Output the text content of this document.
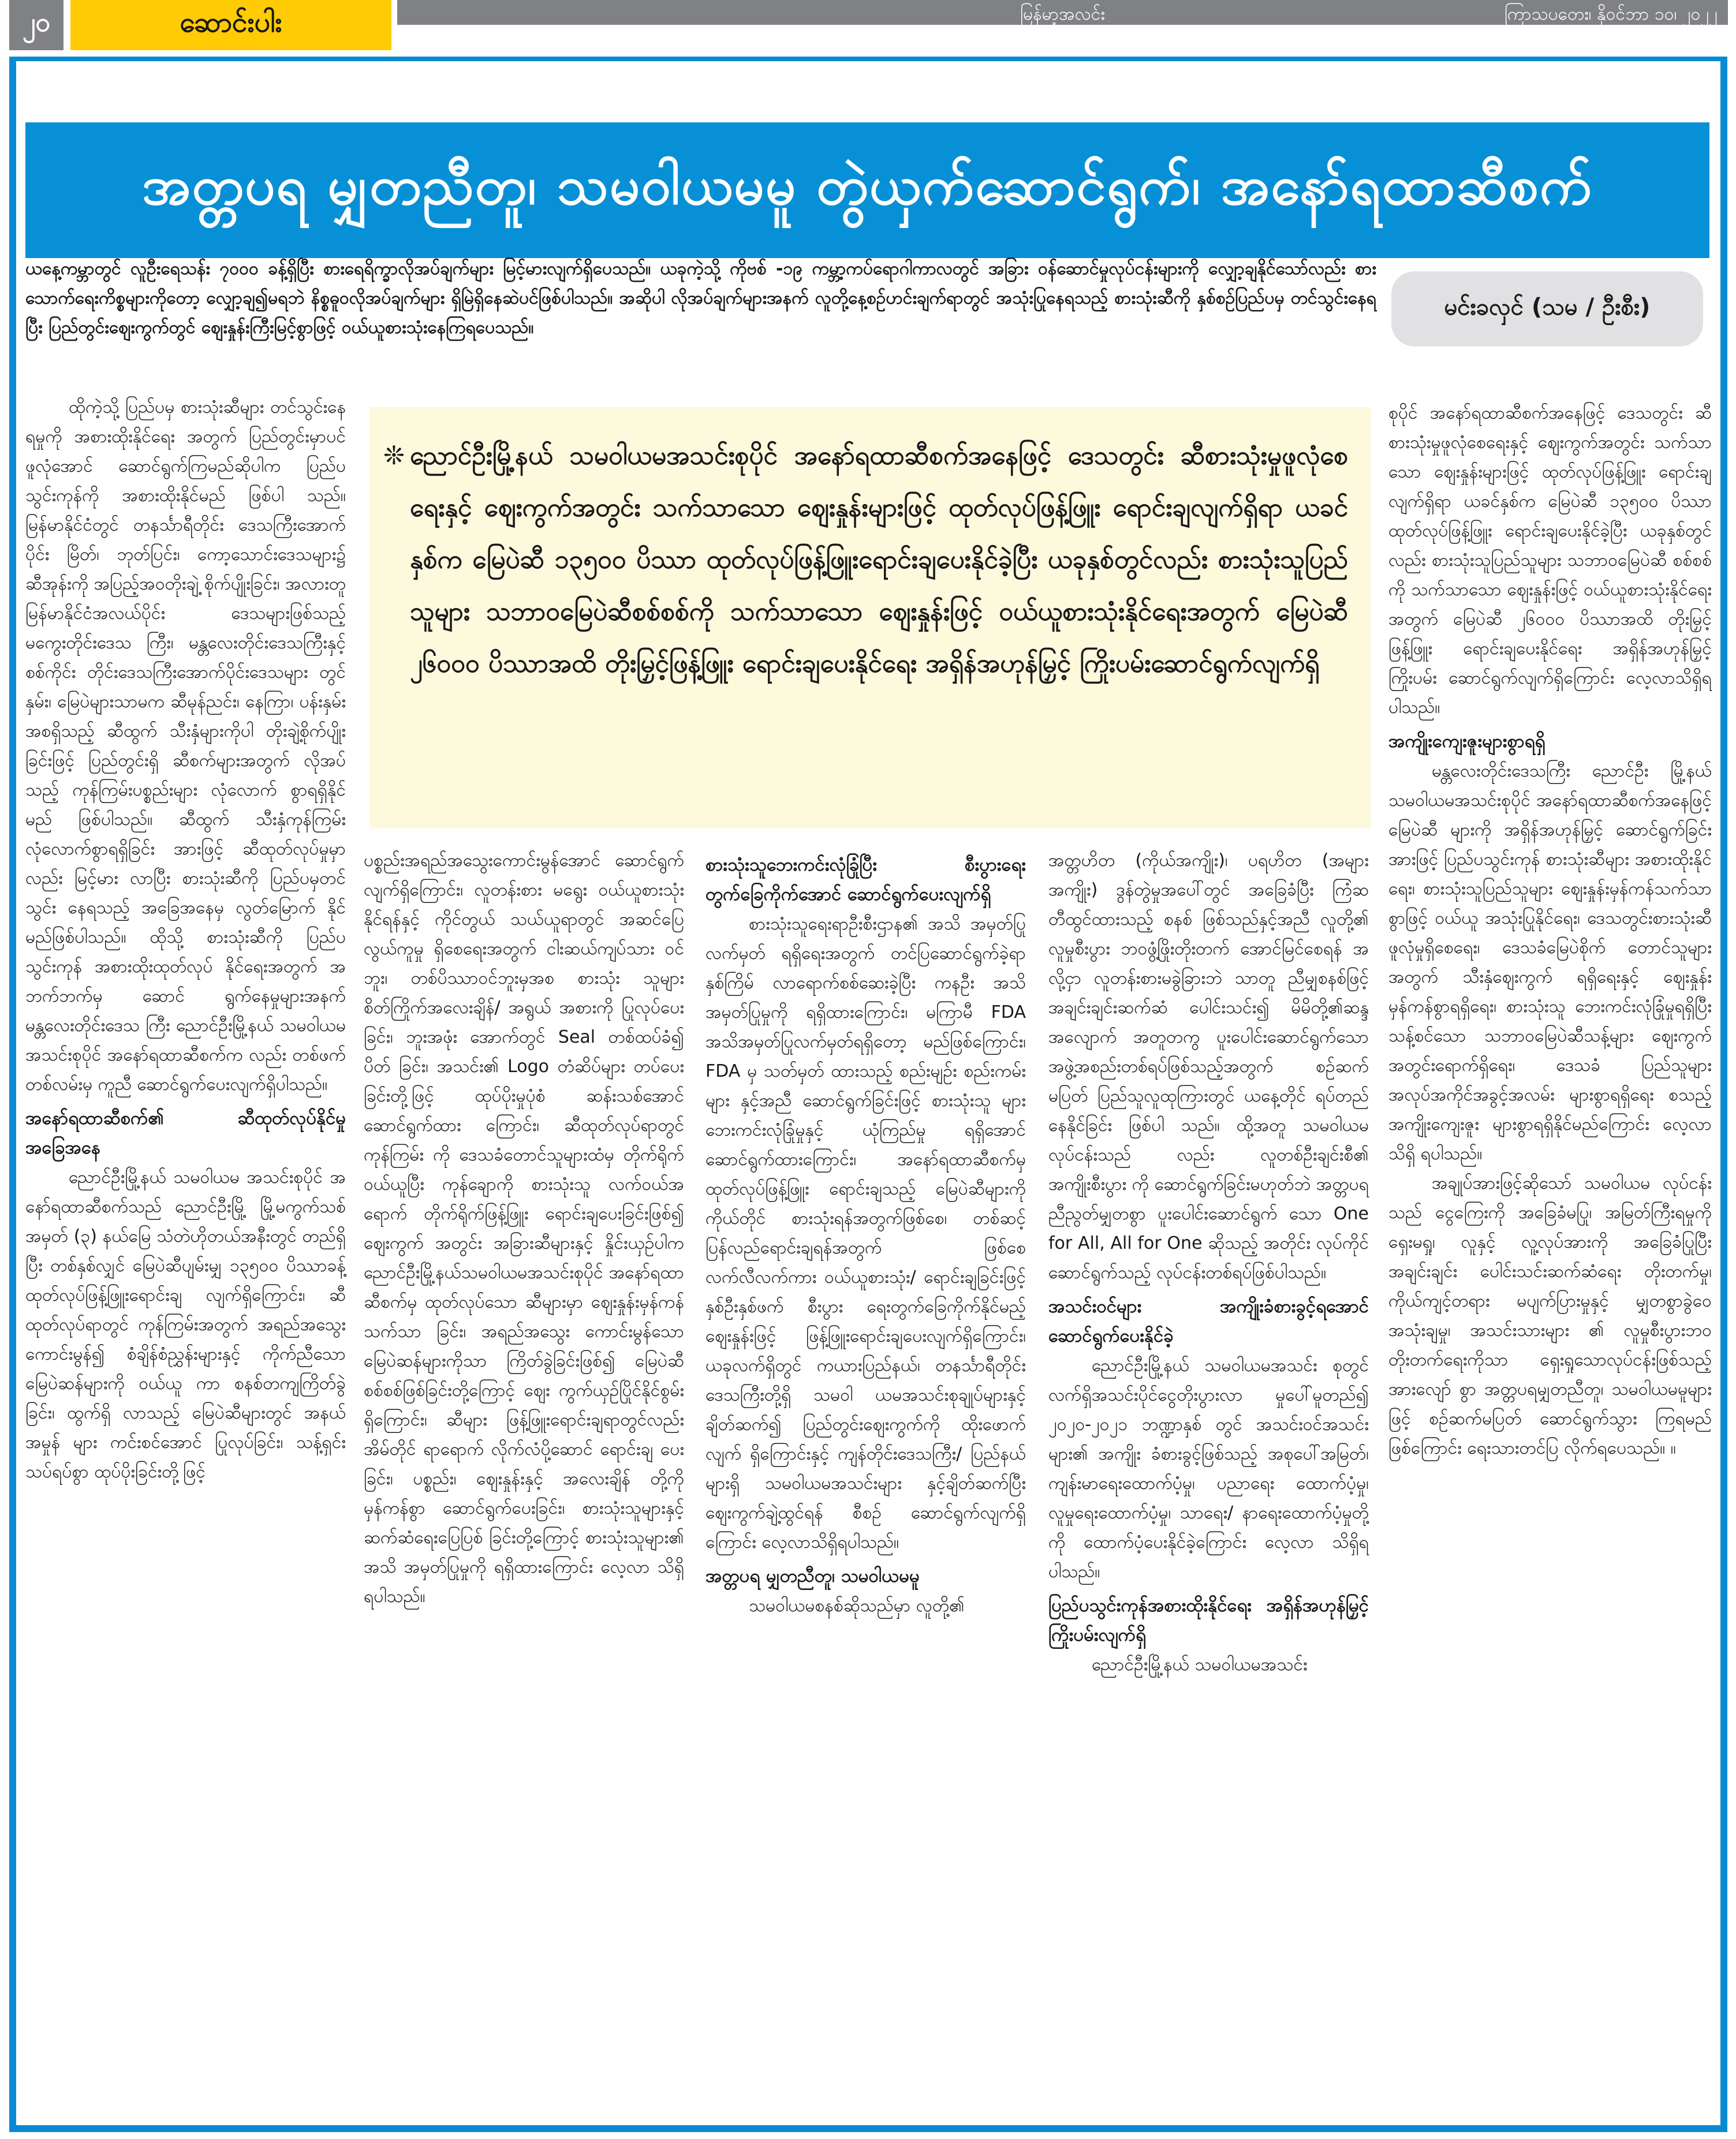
၂၀	ဆောင်းပါး	မြန်မာ့အလင်း	ကြာသပတေး၊ နိုဝင်ဘာ ၁၀၊ ၂၀၂၂
အတ္တပရ မျှတညီတူ၊ သမဝါယမမူ တွဲယှက်ဆောင်ရွက်၊ အနော်ရထာဆီစက်
ယနေ့ကမ္ဘာတွင် လူဦးရေသန်း ၇၀၀၀ ခန့်ရှိပြီး စားရေရိက္ခာလိုအပ်ချက်များ မြင့်မားလျက်ရှိပေသည်။ ယခုကဲ့သို့ ကိုဗစ် -၁၉ ကမ္ဘာ့ကပ်ရောဂါကာလတွင် အခြား ဝန်ဆောင်မှုလုပ်ငန်းများကို လျှော့ချနိုင်သော်လည်း စားသောက်ရေးကိစ္စများကိုတော့ လျှော့ချ၍မရဘဲ နိစ္စဓူဝလိုအပ်ချက်များ ရှိမြဲရှိနေဆဲပင်ဖြစ်ပါသည်။ အဆိုပါ လိုအပ်ချက်များအနက် လူတို့နေ့စဉ်ဟင်းချက်ရာတွင် အသုံးပြုနေရသည့် စားသုံးဆီကို နှစ်စဉ်ပြည်ပမှ တင်သွင်းနေရပြီး ပြည်တွင်းဈေးကွက်တွင် ဈေးနှုန်းကြီးမြင့်စွာဖြင့် ဝယ်ယူစားသုံးနေကြရပေသည်။
မင်းခလှင် (သမ / ဦးစီး)
❊ ညောင်ဦးမြို့နယ် သမဝါယမအသင်းစုပိုင် အနော်ရထာဆီစက်အနေဖြင့် ဒေသတွင်း ဆီစားသုံးမှုဖူလုံစေရေးနှင့် ဈေးကွက်အတွင်း သက်သာသော ဈေးနှုန်းများဖြင့် ထုတ်လုပ်ဖြန့်ဖြူး ရောင်းချလျက်ရှိရာ ယခင်နှစ်က မြေပဲဆီ ၁၃၅၀၀ ပိဿာ ထုတ်လုပ်ဖြန့်ဖြူးရောင်းချပေးနိုင်ခဲ့ပြီး ယခုနှစ်တွင်လည်း စားသုံးသူပြည်သူများ သဘာဝမြေပဲဆီစစ်စစ်ကို သက်သာသော ဈေးနှုန်းဖြင့် ဝယ်ယူစားသုံးနိုင်ရေးအတွက် မြေပဲဆီ ၂၆၀၀၀ ပိဿာအထိ တိုးမြှင့်ဖြန့်ဖြူး ရောင်းချပေးနိုင်ရေး အရှိန်အဟုန်မြှင့် ကြိုးပမ်းဆောင်ရွက်လျက်ရှိ

ထိုကဲ့သို့ ပြည်ပမှ စားသုံးဆီများ တင်သွင်းနေရမှုကို အစားထိုးနိုင်ရေး အတွက် ပြည်တွင်းမှာပင် ဖူလုံအောင် ဆောင်ရွက်ကြမည်ဆိုပါက ပြည်ပ သွင်းကုန်ကို အစားထိုးနိုင်မည် ဖြစ်ပါ သည်။ မြန်မာနိုင်ငံတွင် တနင်္သာရီတိုင်း ဒေသကြီးအောက်ပိုင်း မြိတ်၊ ဘုတ်ပြင်း၊ ကော့သောင်းဒေသများ၌ ဆီအုန်းကို အပြည့်အဝတိုးချဲ့ စိုက်ပျိုးခြင်း၊ အလားတူ မြန်မာနိုင်ငံအလယ်ပိုင်း ဒေသများဖြစ်သည့် မကွေးတိုင်းဒေသ ကြီး၊ မန္တလေးတိုင်းဒေသကြီးနှင့် စစ်ကိုင်း တိုင်းဒေသကြီးအောက်ပိုင်းဒေသများ တွင် နှမ်း၊ မြေပဲများသာမက ဆီမုန်ညင်း၊ နေကြာ၊ ပန်းနှမ်းအစရှိသည့် ဆီထွက် သီးနှံများကိုပါ တိုးချဲ့စိုက်ပျိုးခြင်းဖြင့် ပြည်တွင်းရှိ ဆီစက်များအတွက် လိုအပ် သည့် ကုန်ကြမ်းပစ္စည်းများ လုံလောက် စွာရရှိနိုင်မည် ဖြစ်ပါသည်။ ဆီထွက် သီးနှံကုန်ကြမ်း လုံလောက်စွာရရှိခြင်း အားဖြင့် ဆီထုတ်လုပ်မှုမှာလည်း မြင့်မား လာပြီး စားသုံးဆီကို ပြည်ပမှတင်သွင်း နေရသည့် အခြေအနေမှ လွတ်မြောက် နိုင်မည်ဖြစ်ပါသည်။ ထိုသို့ စားသုံးဆီကို ပြည်ပသွင်းကုန် အစားထိုးထုတ်လုပ် နိုင်ရေးအတွက် အဘက်ဘက်မှ ဆောင် ရွက်နေမှုများအနက် မန္တလေးတိုင်းဒေသ ကြီး ညောင်ဦးမြို့နယ် သမဝါယမ အသင်းစုပိုင် အနော်ရထာဆီစက်က လည်း တစ်ဖက်တစ်လမ်းမှ ကူညီ ဆောင်ရွက်ပေးလျက်ရှိပါသည်။

အနော်ရထာဆီစက်၏ ဆီထုတ်လုပ်နိုင်မှုအခြေအနေ

ညောင်ဦးမြို့နယ် သမဝါယမ အသင်းစုပိုင် အနော်ရထာဆီစက်သည် ညောင်ဦးမြို့ မြို့မကွက်သစ် အမှတ် (၃) နယ်မြေ သံတဲဟိုတယ်အနီးတွင် တည်ရှိ ပြီး တစ်နှစ်လျှင် မြေပဲဆီပျမ်းမျှ ၁၃၅၀၀ ပိဿာခန့် ထုတ်လုပ်ဖြန့်ဖြူးရောင်းချ လျက်ရှိကြောင်း၊ ဆီထုတ်လုပ်ရာတွင် ကုန်ကြမ်းအတွက် အရည်အသွေး ကောင်းမွန်၍ စံချိန်စံညွှန်းများနှင့် ကိုက်ညီသော မြေပဲဆန်များကို ဝယ်ယူ ကာ စနစ်တကျကြိတ်ခွဲခြင်း၊ ထွက်ရှိ လာသည့် မြေပဲဆီများတွင် အနယ်အမှုန် များ ကင်းစင်အောင် ပြုလုပ်ခြင်း၊ သန့်ရှင်းသပ်ရပ်စွာ ထုပ်ပိုးခြင်းတို့ဖြင့်

ပစ္စည်းအရည်အသွေးကောင်းမွန်အောင် ဆောင်ရွက်လျက်ရှိကြောင်း၊ လူတန်းစား မရွေး ဝယ်ယူစားသုံးနိုင်ရန်နှင့် ကိုင်တွယ် သယ်ယူရာတွင် အဆင်ပြေလွယ်ကူမှု ရှိစေရေးအတွက် ငါးဆယ်ကျပ်သား ဝင်ဘူး၊ တစ်ပိဿာဝင်ဘူးမှအစ စားသုံး သူများစိတ်ကြိုက်အလေးချိန်/ အရွယ် အစားကို ပြုလုပ်ပေးခြင်း၊ ဘူးအဖုံး အောက်တွင် Seal တစ်ထပ်ခံ၍ ပိတ် ခြင်း၊ အသင်း၏ Logo တံဆိပ်များ တပ်ပေးခြင်းတို့ဖြင့် ထုပ်ပိုးမှုပုံစံ ဆန်းသစ်အောင် ဆောင်ရွက်ထား ကြောင်း၊ ဆီထုတ်လုပ်ရာတွင် ကုန်ကြမ်း ကို ဒေသခံတောင်သူများထံမှ တိုက်ရိုက် ဝယ်ယူပြီး ကုန်ချောကို စားသုံးသူ လက်ဝယ်အရောက် တိုက်ရိုက်ဖြန့်ဖြူး ရောင်းချပေးခြင်းဖြစ်၍ ဈေးကွက် အတွင်း အခြားဆီများနှင့် နှိုင်းယှဉ်ပါက ညောင်ဦးမြို့နယ်သမဝါယမအသင်းစုပိုင် အနော်ရထာဆီစက်မှ ထုတ်လုပ်သော ဆီများမှာ ဈေးနှုန်းမှန်ကန် သက်သာ ခြင်း၊ အရည်အသွေး ကောင်းမွန်သော မြေပဲဆန်များကိုသာ ကြိတ်ခွဲခြင်းဖြစ်၍ မြေပဲဆီစစ်စစ်ဖြစ်ခြင်းတို့ကြောင့် ဈေး ကွက်ယှဉ်ပြိုင်နိုင်စွမ်းရှိကြောင်း၊ ဆီများ ဖြန့်ဖြူးရောင်းချရာတွင်လည်း အိမ်တိုင် ရာရောက် လိုက်လံပို့ဆောင် ရောင်းချ ပေးခြင်း၊ ပစ္စည်း၊ ဈေးနှုန်းနှင့် အလေးချိန် တို့ကို မှန်ကန်စွာ ဆောင်ရွက်ပေးခြင်း၊ စားသုံးသူများနှင့် ဆက်ဆံရေးပြေပြစ် ခြင်းတို့ကြောင့် စားသုံးသူများ၏ အသိ အမှတ်ပြုမှုကို ရရှိထားကြောင်း လေ့လာ သိရှိရပါသည်။

စားသုံးသူဘေးကင်းလုံခြုံပြီး စီးပွားရေးတွက်ခြေကိုက်အောင် ဆောင်ရွက်ပေးလျက်ရှိ

စားသုံးသူရေးရာဦးစီးဌာန၏ အသိ အမှတ်ပြုလက်မှတ် ရရှိရေးအတွက် တင်ပြဆောင်ရွက်ခဲ့ရာ နှစ်ကြိမ် လာရောက်စစ်ဆေးခဲ့ပြီး ကနဦး အသိ အမှတ်ပြုမှုကို ရရှိထားကြောင်း၊ မကြာမီ FDA အသိအမှတ်ပြုလက်မှတ်ရရှိတော့ မည်ဖြစ်ကြောင်း၊ FDA မှ သတ်မှတ် ထားသည့် စည်းမျဉ်း စည်းကမ်းများ နှင့်အညီ ဆောင်ရွက်ခြင်းဖြင့် စားသုံးသူ များ ဘေးကင်းလုံခြုံမှုနှင့် ယုံကြည်မှု ရရှိအောင် ဆောင်ရွက်ထားကြောင်း၊ အနော်ရထာဆီစက်မှ ထုတ်လုပ်ဖြန့်ဖြူး ရောင်းချသည့် မြေပဲဆီများကို ကိုယ်တိုင် စားသုံးရန်အတွက်ဖြစ်စေ၊ တစ်ဆင့် ပြန်လည်ရောင်းချရန်အတွက် ဖြစ်စေ လက်လီလက်ကား ဝယ်ယူစားသုံး/ ရောင်းချခြင်းဖြင့် နှစ်ဦးနှစ်ဖက် စီးပွား ရေးတွက်ခြေကိုက်နိုင်မည့် ဈေးနှုန်းဖြင့် ဖြန့်ဖြူးရောင်းချပေးလျက်ရှိကြောင်း၊ ယခုလက်ရှိတွင် ကယားပြည်နယ်၊ တနင်္သာရီတိုင်းဒေသကြီးတို့ရှိ သမဝါ ယမအသင်းစုချုပ်များနှင့် ချိတ်ဆက်၍ ပြည်တွင်းဈေးကွက်ကို ထိုးဖောက်လျက် ရှိကြောင်းနှင့် ကျန်တိုင်းဒေသကြီး/ ပြည်နယ်များရှိ သမဝါယမအသင်းများ နှင့်ချိတ်ဆက်ပြီး ဈေးကွက်ချဲ့ထွင်ရန် စီစဉ် ဆောင်ရွက်လျက်ရှိကြောင်း လေ့လာသိရှိရပါသည်။

အတ္တပရ မျှတညီတူ၊ သမဝါယမမူ

သမဝါယမစနစ်ဆိုသည်မှာ လူတို့၏

အတ္တဟိတ (ကိုယ်အကျိုး)၊ ပရဟိတ (အများအကျိုး) ဒွန်တွဲမှုအပေါ်တွင် အခြေခံပြီး ကြံဆတီထွင်ထားသည့် စနစ် ဖြစ်သည်နှင့်အညီ လူတို့၏ လူမှုစီးပွား ဘဝဖွံ့ဖြိုးတိုးတက် အောင်မြင်စေရန် အလို့ငှာ လူတန်းစားမခွဲခြားဘဲ သာတူ ညီမျှစနစ်ဖြင့် အချင်းချင်းဆက်ဆံ ပေါင်းသင်း၍ မိမိတို့၏ဆန္ဒအလျောက် အတူတကွ ပူးပေါင်းဆောင်ရွက်သော အဖွဲ့အစည်းတစ်ရပ်ဖြစ်သည့်အတွက် စဉ်ဆက်မပြတ် ပြည်သူလူထုကြားတွင် ယနေ့တိုင် ရပ်တည်နေနိုင်ခြင်း ဖြစ်ပါ သည်။ ထို့အတူ သမဝါယမလုပ်ငန်းသည် လည်း လူတစ်ဦးချင်းစီ၏ အကျိုးစီးပွား ကို ဆောင်ရွက်ခြင်းမဟုတ်ဘဲ အတ္တပရ ညီညွတ်မျှတစွာ ပူးပေါင်းဆောင်ရွက် သော One for All, All for One ဆိုသည့် အတိုင်း လုပ်ကိုင်ဆောင်ရွက်သည့် လုပ်ငန်းတစ်ရပ်ဖြစ်ပါသည်။

အသင်းဝင်များ အကျိုးခံစားခွင့်ရအောင် ဆောင်ရွက်ပေးနိုင်ခဲ့

ညောင်ဦးမြို့နယ် သမဝါယမအသင်း စုတွင် လက်ရှိအသင်းပိုင်ငွေတိုးပွားလာ မှုပေါ်မူတည်၍ ၂၀၂၀-၂၀၂၁ ဘဏ္ဍာနှစ် တွင် အသင်းဝင်အသင်းများ၏ အကျိုး ခံစားခွင့်ဖြစ်သည့် အစုပေါ်အမြတ်၊ ကျန်းမာရေးထောက်ပံ့မှု၊ ပညာရေး ထောက်ပံ့မှု၊ လူမှုရေးထောက်ပံ့မှု၊ သာရေး/ နာရေးထောက်ပံ့မှုတို့ကို ထောက်ပံ့ပေးနိုင်ခဲ့ကြောင်း လေ့လာ သိရှိရပါသည်။

ပြည်ပသွင်းကုန်အစားထိုးနိုင်ရေး အရှိန်အဟုန်မြှင့် ကြိုးပမ်းလျက်ရှိ

ညောင်ဦးမြို့နယ် သမဝါယမအသင်း

စုပိုင် အနော်ရထာဆီစက်အနေဖြင့် ဒေသတွင်း ဆီစားသုံးမှုဖူလုံစေရေးနှင့် ဈေးကွက်အတွင်း သက်သာသော ဈေးနှုန်းများဖြင့် ထုတ်လုပ်ဖြန့်ဖြူး ရောင်းချလျက်ရှိရာ ယခင်နှစ်က မြေပဲဆီ ၁၃၅၀၀ ပိဿာ ထုတ်လုပ်ဖြန့်ဖြူး ရောင်းချပေးနိုင်ခဲ့ပြီး ယခုနှစ်တွင်လည်း စားသုံးသူပြည်သူများ သဘာဝမြေပဲဆီ စစ်စစ်ကို သက်သာသော ဈေးနှုန်းဖြင့် ဝယ်ယူစားသုံးနိုင်ရေးအတွက် မြေပဲဆီ ၂၆၀၀၀ ပိဿာအထိ တိုးမြှင့် ဖြန့်ဖြူး ရောင်းချပေးနိုင်ရေး အရှိန်အဟုန်မြှင့် ကြိုးပမ်း ဆောင်ရွက်လျက်ရှိကြောင်း လေ့လာသိရှိရပါသည်။

အကျိုးကျေးဇူးများစွာရရှိ

မန္တလေးတိုင်းဒေသကြီး ညောင်ဦး မြို့နယ် သမဝါယမအသင်းစုပိုင် အနော်ရထာဆီစက်အနေဖြင့် မြေပဲဆီ များကို အရှိန်အဟုန်မြှင့် ဆောင်ရွက်ခြင်း အားဖြင့် ပြည်ပသွင်းကုန် စားသုံးဆီများ အစားထိုးနိုင်ရေး၊ စားသုံးသူပြည်သူများ ဈေးနှုန်းမှန်ကန်သက်သာစွာဖြင့် ဝယ်ယူ အသုံးပြုနိုင်ရေး၊ ဒေသတွင်းစားသုံးဆီ ဖူလုံမှုရှိစေရေး၊ ဒေသခံမြေပဲစိုက် တောင်သူများအတွက် သီးနှံဈေးကွက် ရရှိရေးနှင့် ဈေးနှုန်းမှန်ကန်စွာရရှိရေး၊ စားသုံးသူ ဘေးကင်းလုံခြုံမှုရရှိပြီး သန့်စင်သော သဘာဝမြေပဲဆီသန့်များ ဈေးကွက်အတွင်းရောက်ရှိရေး၊ ဒေသခံ ပြည်သူများ အလုပ်အကိုင်အခွင့်အလမ်း များစွာရရှိရေး စသည့်အကျိုးကျေးဇူး များစွာရရှိနိုင်မည်ကြောင်း လေ့လာသိရှိ ရပါသည်။

အချုပ်အားဖြင့်ဆိုသော် သမဝါယမ လုပ်ငန်းသည် ငွေကြေးကို အခြေခံမပြု၊ အမြတ်ကြီးရမှုကို ရှေးမရှု၊ လူနှင့် လူ့လုပ်အားကို အခြေခံပြုပြီး အချင်းချင်း ပေါင်းသင်းဆက်ဆံရေး တိုးတက်မှု၊ ကိုယ်ကျင့်တရား မပျက်ပြားမှုနှင့် မျှတစွာခွဲဝေအသုံးချမှု၊ အသင်းသားများ ၏ လူမှုစီးပွားဘဝတိုးတက်ရေးကိုသာ ရှေးရှုသောလုပ်ငန်းဖြစ်သည့် အားလျော် စွာ အတ္တပရမျှတညီတူ၊ သမဝါယမမူများ ဖြင့် စဉ်ဆက်မပြတ် ဆောင်ရွက်သွား ကြရမည်ဖြစ်ကြောင်း ရေးသားတင်ပြ လိုက်ရပေသည်။ ။
